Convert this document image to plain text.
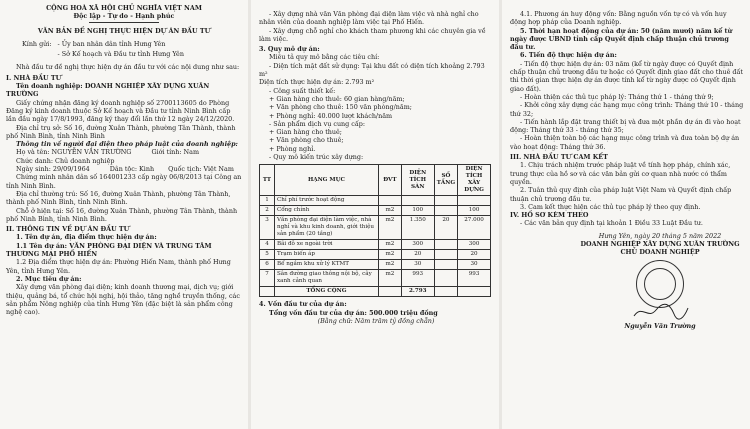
CỘNG HOÀ XÃ HỘI CHỦ NGHĨA VIỆT NAM

Độc lập - Tự do - Hạnh phúc

VĂN BẢN ĐỀ NGHỊ THỰC HIỆN DỰ ÁN ĐẦU TƯ

Kính gửi: - Ủy ban nhân dân tỉnh Hưng Yên
- Sở Kế hoạch và Đầu tư tỉnh Hưng Yên

Nhà đầu tư đề nghị thực hiện dự án đầu tư với các nội dung như sau:

I. NHÀ ĐẦU TƯ

Tên doanh nghiệp: DOANH NGHIỆP XÂY DỰNG XUÂN TRƯỜNG

Giấy chứng nhận đăng ký doanh nghiệp số 2700113605 do Phòng Đăng ký kinh doanh thuộc Sở Kế hoạch và Đầu tư tỉnh Ninh Bình cấp lần đầu ngày 17/8/1993, đăng ký thay đổi lần thứ 12 ngày 24/12/2020.

Địa chỉ trụ sở: Số 16, đường Xuân Thành, phường Tân Thành, thành phố Ninh Bình, tỉnh Ninh Bình

Thông tin về người đại diện theo pháp luật của doanh nghiệp:

Họ và tên: NGUYỄN VĂN TRƯỜNG	Giới tính: Nam

Chức danh: Chủ doanh nghiệp

Ngày sinh: 29/09/1964	Dân tộc: Kinh Quốc tịch: Việt Nam

Chứng minh nhân dân số 164001233 cấp ngày 06/8/2013 tại Công an tỉnh Ninh Bình.

Địa chỉ thường trú: Số 16, đường Xuân Thành, phường Tân Thành, thành phố Ninh Bình, tỉnh Ninh Bình.

Chỗ ở hiện tại: Số 16, đường Xuân Thành, phường Tân Thành, thành phố Ninh Bình, tỉnh Ninh Bình.

II. THÔNG TIN VỀ DỰ ÁN ĐẦU TƯ

1. Tên dự án, địa điểm thực hiện dự án:

1.1 Tên dự án: VĂN PHÒNG ĐẠI DIỆN VÀ TRUNG TÂM THƯƠNG MẠI PHỐ HIẾN

1.2 Địa điểm thực hiện dự án: Phường Hiến Nam, thành phố Hưng Yên, tỉnh Hưng Yên.

2. Mục tiêu dự án:

Xây dựng văn phòng đại diện; kinh doanh thương mại, dịch vụ; giới thiệu, quảng bá, tổ chức hội nghị, hội thảo, tăng nghề truyền thống, các sản phẩm Nông nghiệp của tỉnh Hưng Yên (đặc biệt là sản phẩm công nghệ cao).

- Xây dựng nhà văn Văn phòng đại diện làm việc và nhà nghỉ cho nhân viên của doanh nghiệp làm việc tại Phố Hiến.

- Xây dựng chỗ nghỉ cho khách tham phương khi các chuyên gia về làm việc.

3. Quy mô dự án:

Miêu tả quy mô bằng các tiêu chí:

- Diện tích mặt đất sử dụng: Tại khu đất có diện tích khoảng 2.793 m²

Diện tích thực hiện dự án: 2.793 m²

- Công suất thiết kế:

+ Gian hàng cho thuê: 60 gian hàng/năm;

+ Văn phòng cho thuê: 150 văn phòng/năm;

+ Phòng nghỉ: 40.000 lượt khách/năm

- Sản phẩm dịch vụ cung cấp:

+ Gian hàng cho thuê;

+ Văn phòng cho thuê;

+ Phòng nghỉ.

- Quy mô kiến trúc xây dựng:

TT	HẠNG MỤC	ĐVT	DIỆN TÍCH SÀN	SỐ TẦNG	DIỆN TÍCH XÂY DỰNG
1	Chỉ phí trước hoạt động				
2	Cổng chính	m2	100		100
3	Văn phòng đại diện làm việc, nhà nghỉ và khu kinh doanh, giới thiệu sản phẩm (20 tầng)	m2	1.350	20	27.000
4	Bãi đỗ xe ngoài trời	m2	300		300
5	Trạm biến áp	m2	20		20
6	Bể ngầm khu xử lý KTMT	m2	30		30
7	Sân đường giao thông nội bộ, cây xanh cảnh quan	m2	993		993
	TỔNG CỘNG		2.793		

4. Vốn đầu tư của dự án:

Tổng vốn đầu tư của dự án: 500.000 triệu đồng

(Bằng chữ: Năm trăm tỷ đồng chẵn)

4.1. Phương án huy động vốn: Bằng nguồn vốn tự có và vốn huy động hợp pháp của Doanh nghiệp.

5. Thời hạn hoạt động của dự án: 50 (năm mươi) năm kể từ ngày được UBND tỉnh cấp Quyết định chấp thuận chủ trương đầu tư.

6. Tiến độ thực hiện dự án:

- Tiến độ thực hiện dự án: 03 năm (kể từ ngày được có Quyết định chấp thuận chủ trương đầu tư hoặc có Quyết định giao đất cho thuê đất thì thời gian thực hiện dự án được tính kể từ ngày được có Quyết định giao đất).

- Hoàn thiện các thủ tục pháp lý: Tháng thứ 1 - tháng thứ 9;

- Khởi công xây dựng các hạng mục công trình: Tháng thứ 10 - tháng thứ 32;

- Tiến hành lắp đặt trang thiết bị và đưa một phần dự án đi vào hoạt động: Tháng thứ 33 - tháng thứ 35;

- Hoàn thiện toàn bộ các hạng mục công trình và đưa toàn bộ dự án vào hoạt động: Tháng thứ 36.

III. NHÀ ĐẦU TƯ CAM KẾT

1. Chịu trách nhiệm trước pháp luật về tính hợp pháp, chính xác, trung thực của hồ sơ và các văn bản gửi cơ quan nhà nước có thẩm quyền.

2. Tuân thủ quy định của pháp luật Việt Nam và Quyết định chấp thuận chủ trương đầu tư.

3. Cam kết thực hiện các thủ tục pháp lý theo quy định.

IV. HỒ SƠ KÈM THEO

- Các văn bản quy định tại khoản 1 Điều 33 Luật Đầu tư.

Hưng Yên, ngày 20 tháng 5 năm 2022

DOANH NGHIỆP XÂY DỰNG XUÂN TRƯỜNG

CHỦ DOANH NGHIỆP

Nguyễn Văn Trường
